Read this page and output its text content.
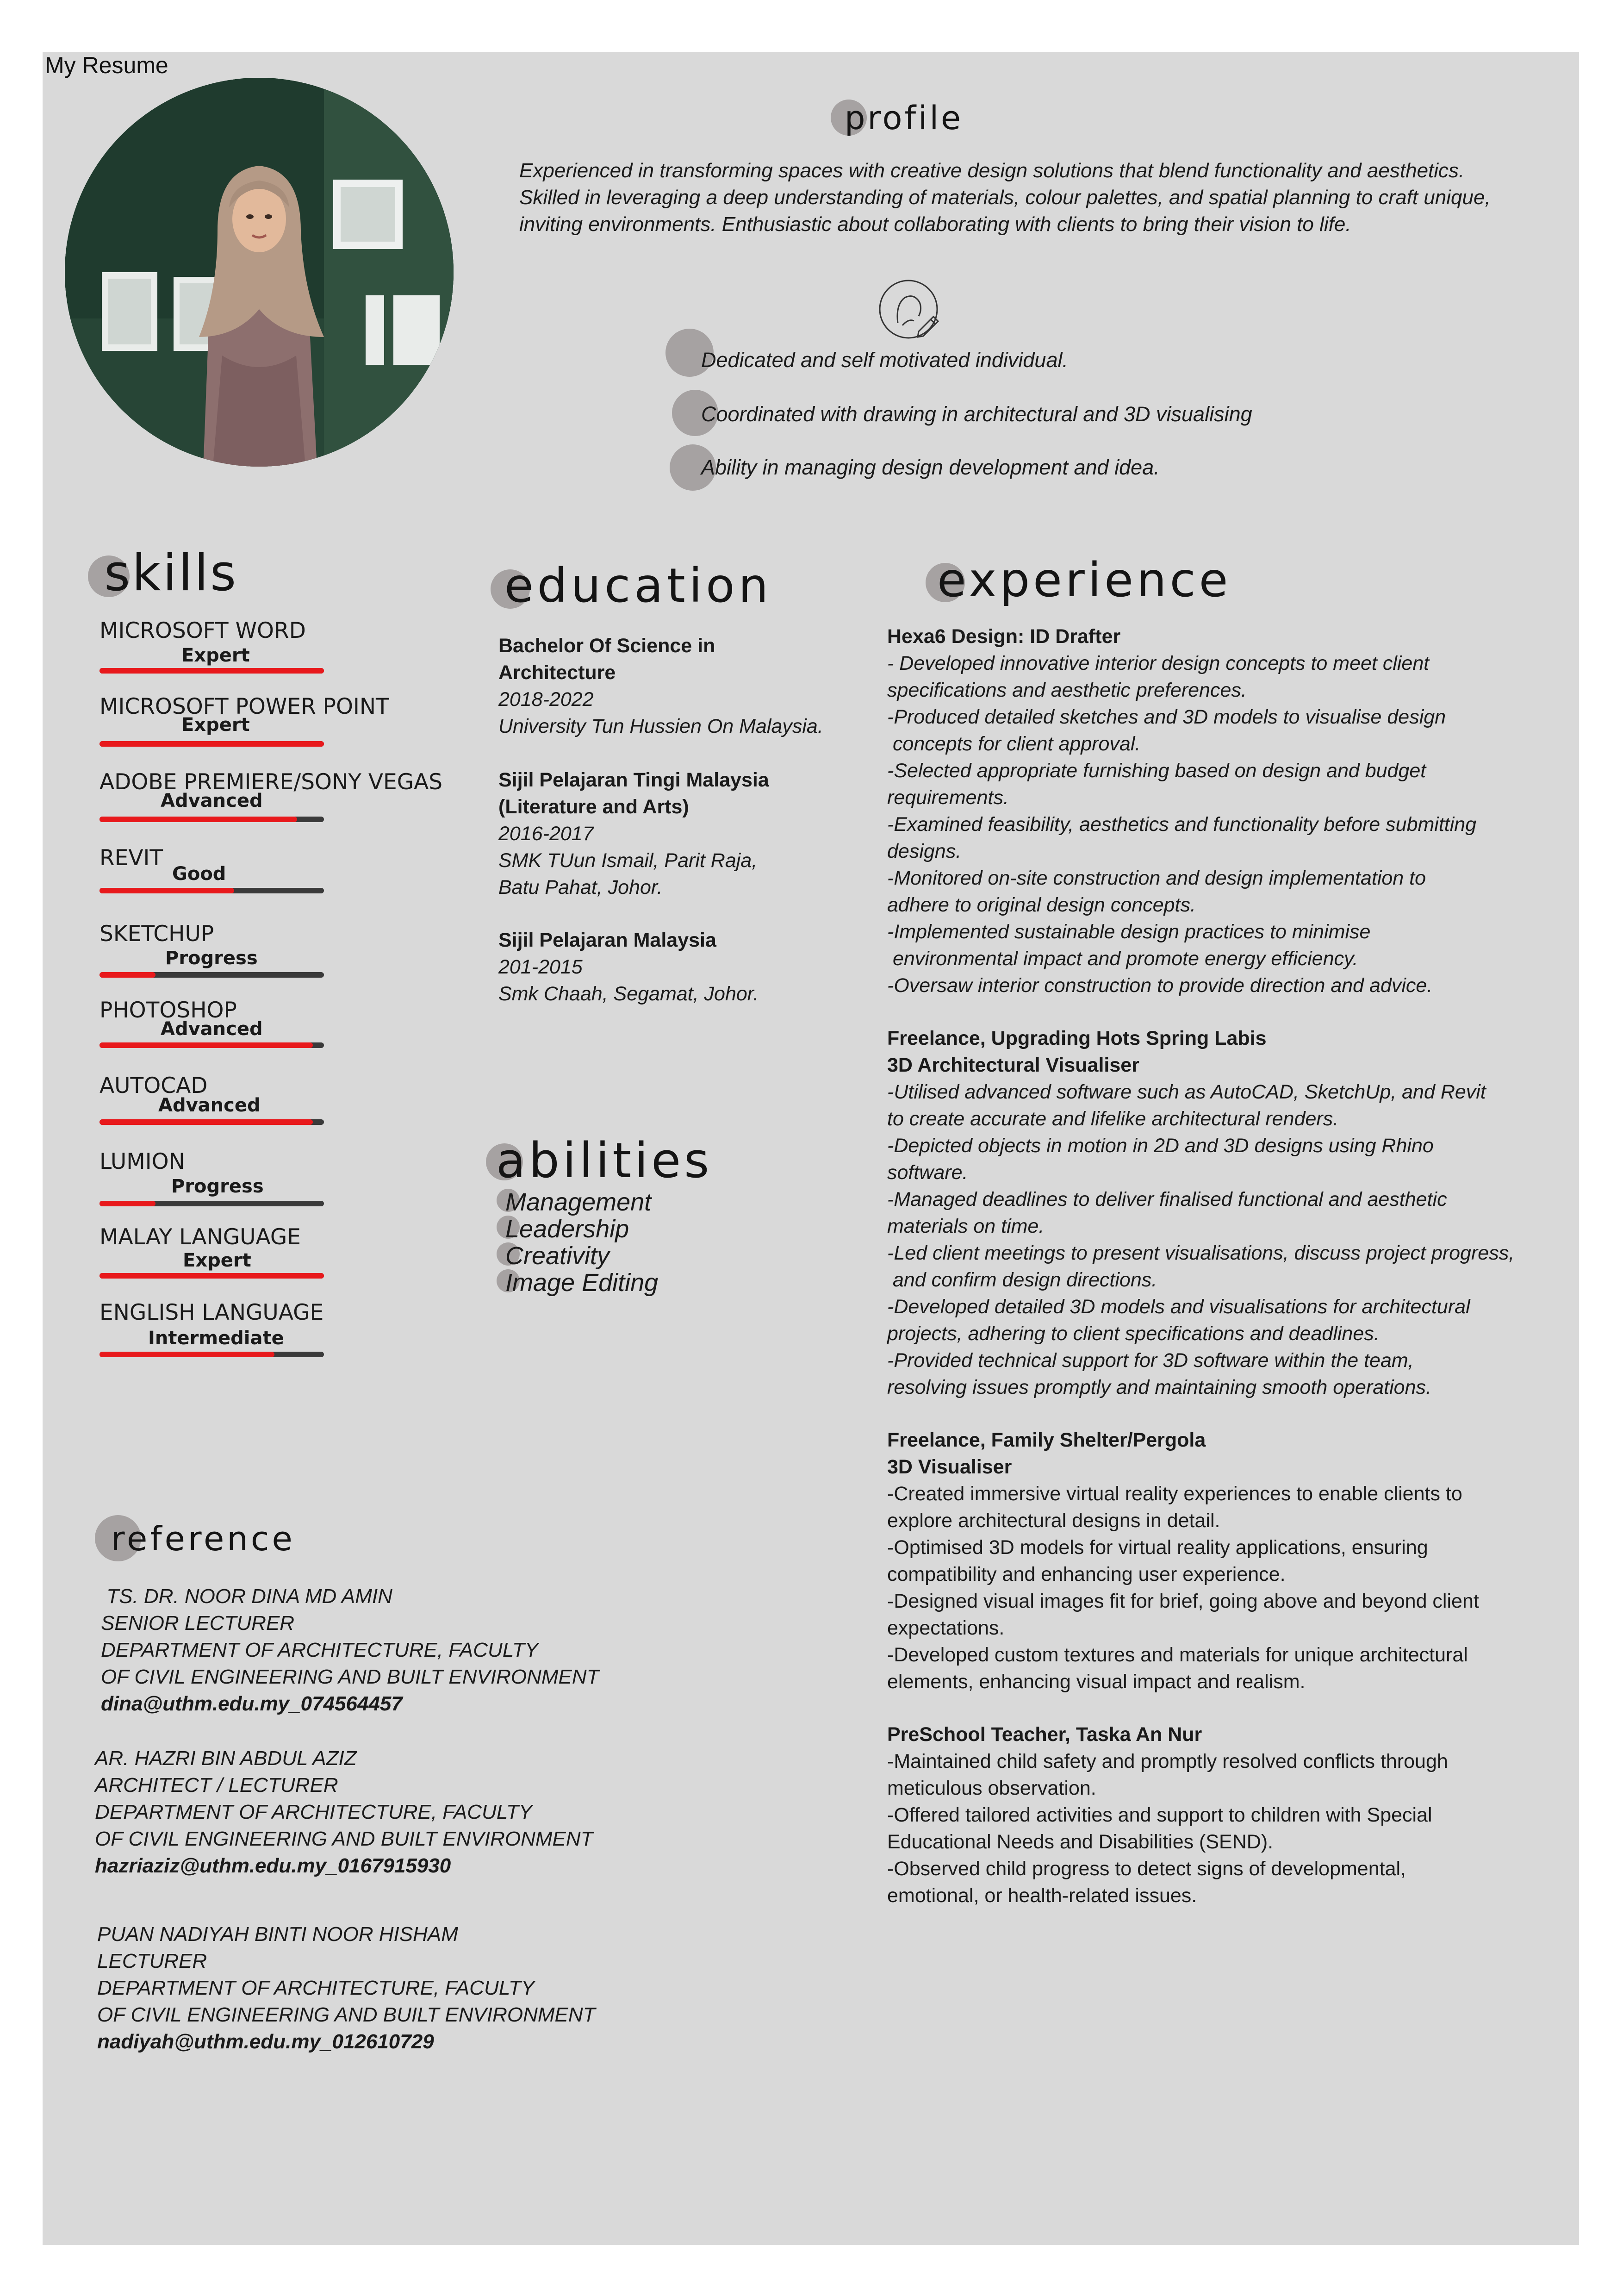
My Resume
profile
Experienced in transforming spaces with creative design solutions that blend functionality and aesthetics.
Skilled in leveraging a deep understanding of materials, colour palettes, and spatial planning to craft unique,
inviting environments. Enthusiastic about collaborating with clients to bring their vision to life.
Dedicated and self motivated individual.
Coordinated with drawing in architectural and 3D visualising
Ability in managing design development and idea.
skills
MICROSOFT WORD
Expert
MICROSOFT POWER POINT
Expert
ADOBE PREMIERE/SONY VEGAS
Advanced
REVIT
Good
SKETCHUP
Progress
PHOTOSHOP
Advanced
AUTOCAD
Advanced
LUMION
Progress
MALAY LANGUAGE
Expert
ENGLISH LANGUAGE
Intermediate
education
Bachelor Of Science in
Architecture
2018-2022
University Tun Hussien On Malaysia.
Sijil Pelajaran Tingi Malaysia
(Literature and Arts)
2016-2017
SMK TUun Ismail, Parit Raja,
Batu Pahat, Johor.
Sijil Pelajaran Malaysia
201-2015
Smk Chaah, Segamat, Johor.
abilities
Management
Leadership
Creativity
Image Editing
experience
Hexa6 Design: ID Drafter
- Developed innovative interior design concepts to meet client
specifications and aesthetic preferences.
-Produced detailed sketches and 3D models to visualise design
concepts for client approval.
-Selected appropriate furnishing based on design and budget
requirements.
-Examined feasibility, aesthetics and functionality before submitting
designs.
-Monitored on-site construction and design implementation to
adhere to original design concepts.
-Implemented sustainable design practices to minimise
environmental impact and promote energy efficiency.
-Oversaw interior construction to provide direction and advice.
Freelance, Upgrading Hots Spring Labis
3D Architectural Visualiser
-Utilised advanced software such as AutoCAD, SketchUp, and Revit
to create accurate and lifelike architectural renders.
-Depicted objects in motion in 2D and 3D designs using Rhino
software.
-Managed deadlines to deliver finalised functional and aesthetic
materials on time.
-Led client meetings to present visualisations, discuss project progress,
and confirm design directions.
-Developed detailed 3D models and visualisations for architectural
projects, adhering to client specifications and deadlines.
-Provided technical support for 3D software within the team,
resolving issues promptly and maintaining smooth operations.
Freelance, Family Shelter/Pergola
3D Visualiser
-Created immersive virtual reality experiences to enable clients to
explore architectural designs in detail.
-Optimised 3D models for virtual reality applications, ensuring
compatibility and enhancing user experience.
-Designed visual images fit for brief, going above and beyond client
expectations.
-Developed custom textures and materials for unique architectural
elements, enhancing visual impact and realism.
PreSchool Teacher, Taska An Nur
-Maintained child safety and promptly resolved conflicts through
meticulous observation.
-Offered tailored activities and support to children with Special
Educational Needs and Disabilities (SEND).
-Observed child progress to detect signs of developmental,
emotional, or health-related issues.
reference
TS. DR. NOOR DINA MD AMIN
SENIOR LECTURER
DEPARTMENT OF ARCHITECTURE, FACULTY
OF CIVIL ENGINEERING AND BUILT ENVIRONMENT
dina@uthm.edu.my_074564457
AR. HAZRI BIN ABDUL AZIZ
ARCHITECT / LECTURER
DEPARTMENT OF ARCHITECTURE, FACULTY
OF CIVIL ENGINEERING AND BUILT ENVIRONMENT
hazriaziz@uthm.edu.my_0167915930
PUAN NADIYAH BINTI NOOR HISHAM
LECTURER
DEPARTMENT OF ARCHITECTURE, FACULTY
OF CIVIL ENGINEERING AND BUILT ENVIRONMENT
nadiyah@uthm.edu.my_012610729
